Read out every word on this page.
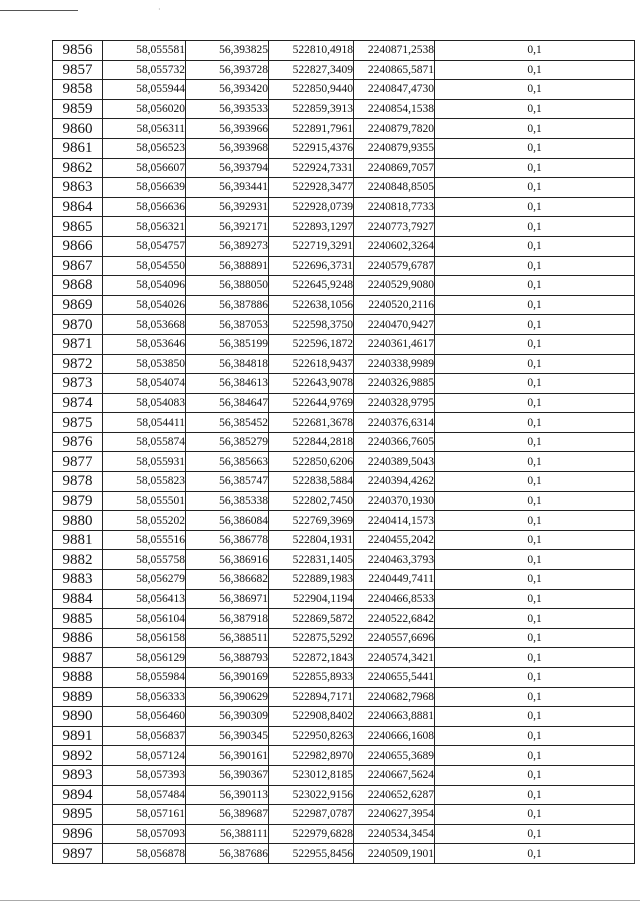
·
9856	58,055581	56,393825	522810,4918	2240871,2538	0,1
9857	58,055732	56,393728	522827,3409	2240865,5871	0,1
9858	58,055944	56,393420	522850,9440	2240847,4730	0,1
9859	58,056020	56,393533	522859,3913	2240854,1538	0,1
9860	58,056311	56,393966	522891,7961	2240879,7820	0,1
9861	58,056523	56,393968	522915,4376	2240879,9355	0,1
9862	58,056607	56,393794	522924,7331	2240869,7057	0,1
9863	58,056639	56,393441	522928,3477	2240848,8505	0,1
9864	58,056636	56,392931	522928,0739	2240818,7733	0,1
9865	58,056321	56,392171	522893,1297	2240773,7927	0,1
9866	58,054757	56,389273	522719,3291	2240602,3264	0,1
9867	58,054550	56,388891	522696,3731	2240579,6787	0,1
9868	58,054096	56,388050	522645,9248	2240529,9080	0,1
9869	58,054026	56,387886	522638,1056	2240520,2116	0,1
9870	58,053668	56,387053	522598,3750	2240470,9427	0,1
9871	58,053646	56,385199	522596,1872	2240361,4617	0,1
9872	58,053850	56,384818	522618,9437	2240338,9989	0,1
9873	58,054074	56,384613	522643,9078	2240326,9885	0,1
9874	58,054083	56,384647	522644,9769	2240328,9795	0,1
9875	58,054411	56,385452	522681,3678	2240376,6314	0,1
9876	58,055874	56,385279	522844,2818	2240366,7605	0,1
9877	58,055931	56,385663	522850,6206	2240389,5043	0,1
9878	58,055823	56,385747	522838,5884	2240394,4262	0,1
9879	58,055501	56,385338	522802,7450	2240370,1930	0,1
9880	58,055202	56,386084	522769,3969	2240414,1573	0,1
9881	58,055516	56,386778	522804,1931	2240455,2042	0,1
9882	58,055758	56,386916	522831,1405	2240463,3793	0,1
9883	58,056279	56,386682	522889,1983	2240449,7411	0,1
9884	58,056413	56,386971	522904,1194	2240466,8533	0,1
9885	58,056104	56,387918	522869,5872	2240522,6842	0,1
9886	58,056158	56,388511	522875,5292	2240557,6696	0,1
9887	58,056129	56,388793	522872,1843	2240574,3421	0,1
9888	58,055984	56,390169	522855,8933	2240655,5441	0,1
9889	58,056333	56,390629	522894,7171	2240682,7968	0,1
9890	58,056460	56,390309	522908,8402	2240663,8881	0,1
9891	58,056837	56,390345	522950,8263	2240666,1608	0,1
9892	58,057124	56,390161	522982,8970	2240655,3689	0,1
9893	58,057393	56,390367	523012,8185	2240667,5624	0,1
9894	58,057484	56,390113	523022,9156	2240652,6287	0,1
9895	58,057161	56,389687	522987,0787	2240627,3954	0,1
9896	58,057093	56,388111	522979,6828	2240534,3454	0,1
9897	58,056878	56,387686	522955,8456	2240509,1901	0,1
